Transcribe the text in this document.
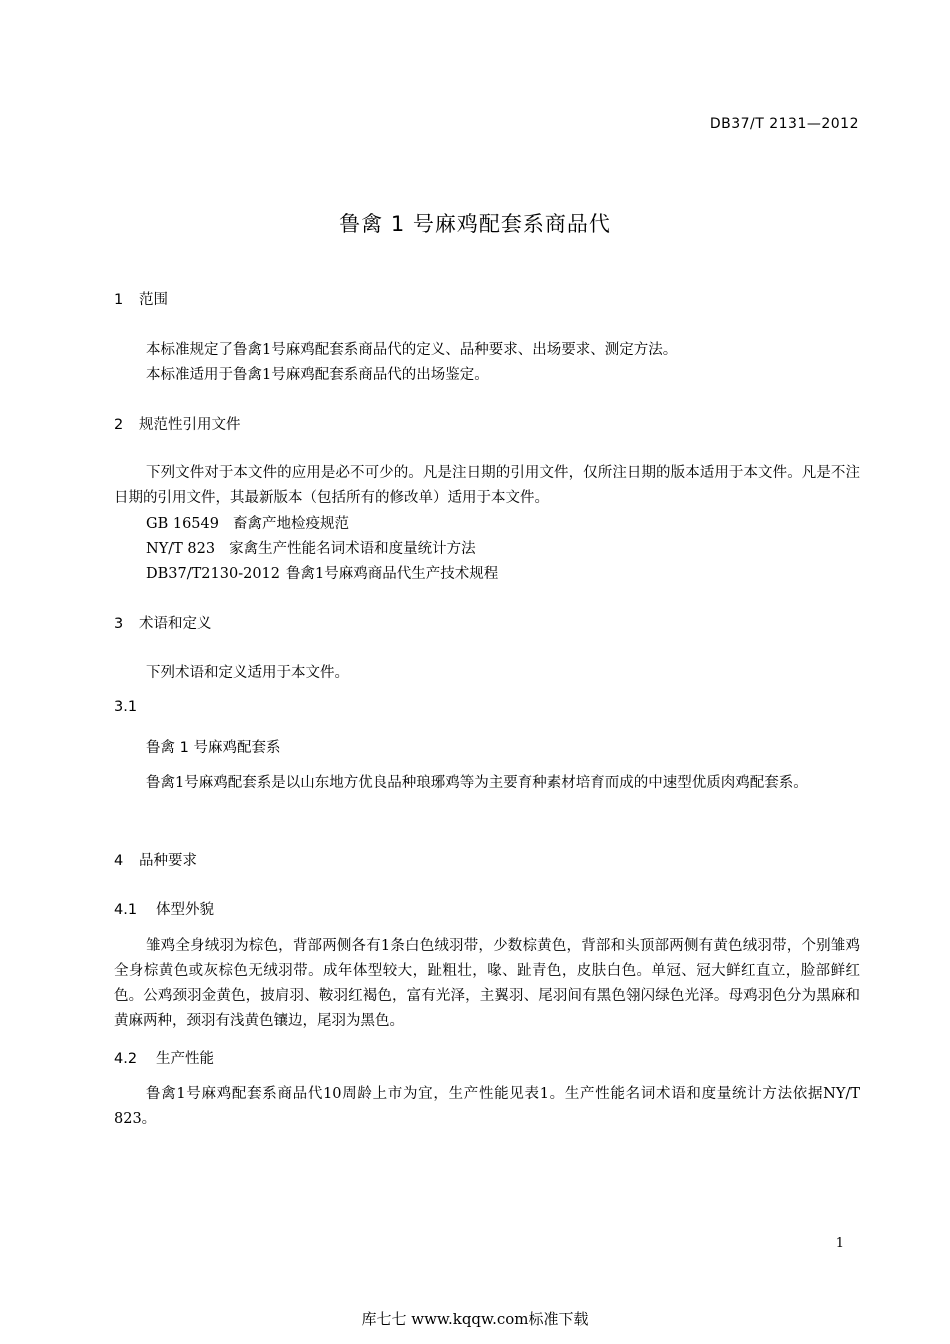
DB37/T 2131—2012
鲁禽 1 号麻鸡配套系商品代
1 范围
本标准规定了鲁禽1号麻鸡配套系商品代的定义、品种要求、出场要求、测定方法。
本标准适用于鲁禽1号麻鸡配套系商品代的出场鉴定。
2 规范性引用文件
下列文件对于本文件的应用是必不可少的。凡是注日期的引用文件，仅所注日期的版本适用于本文件。凡是不注日期的引用文件，其最新版本（包括所有的修改单）适用于本文件。
GB 16549 畜禽产地检疫规范
NY/T 823 家禽生产性能名词术语和度量统计方法
DB37/T2130-2012 鲁禽1号麻鸡商品代生产技术规程
3 术语和定义
下列术语和定义适用于本文件。
3.1
鲁禽 1 号麻鸡配套系
鲁禽1号麻鸡配套系是以山东地方优良品种琅琊鸡等为主要育种素材培育而成的中速型优质肉鸡配套系。
4 品种要求
4.1 体型外貌
雏鸡全身绒羽为棕色，背部两侧各有1条白色绒羽带，少数棕黄色，背部和头顶部两侧有黄色绒羽带，个别雏鸡全身棕黄色或灰棕色无绒羽带。成年体型较大，趾粗壮，喙、趾青色，皮肤白色。单冠、冠大鲜红直立，脸部鲜红色。公鸡颈羽金黄色，披肩羽、鞍羽红褐色，富有光泽，主翼羽、尾羽间有黑色翎闪绿色光泽。母鸡羽色分为黑麻和黄麻两种，颈羽有浅黄色镶边，尾羽为黑色。
4.2 生产性能
鲁禽1号麻鸡配套系商品代10周龄上市为宜，生产性能见表1。生产性能名词术语和度量统计方法依据NY/T 823。
1
库七七 www.kqqw.com标准下载
